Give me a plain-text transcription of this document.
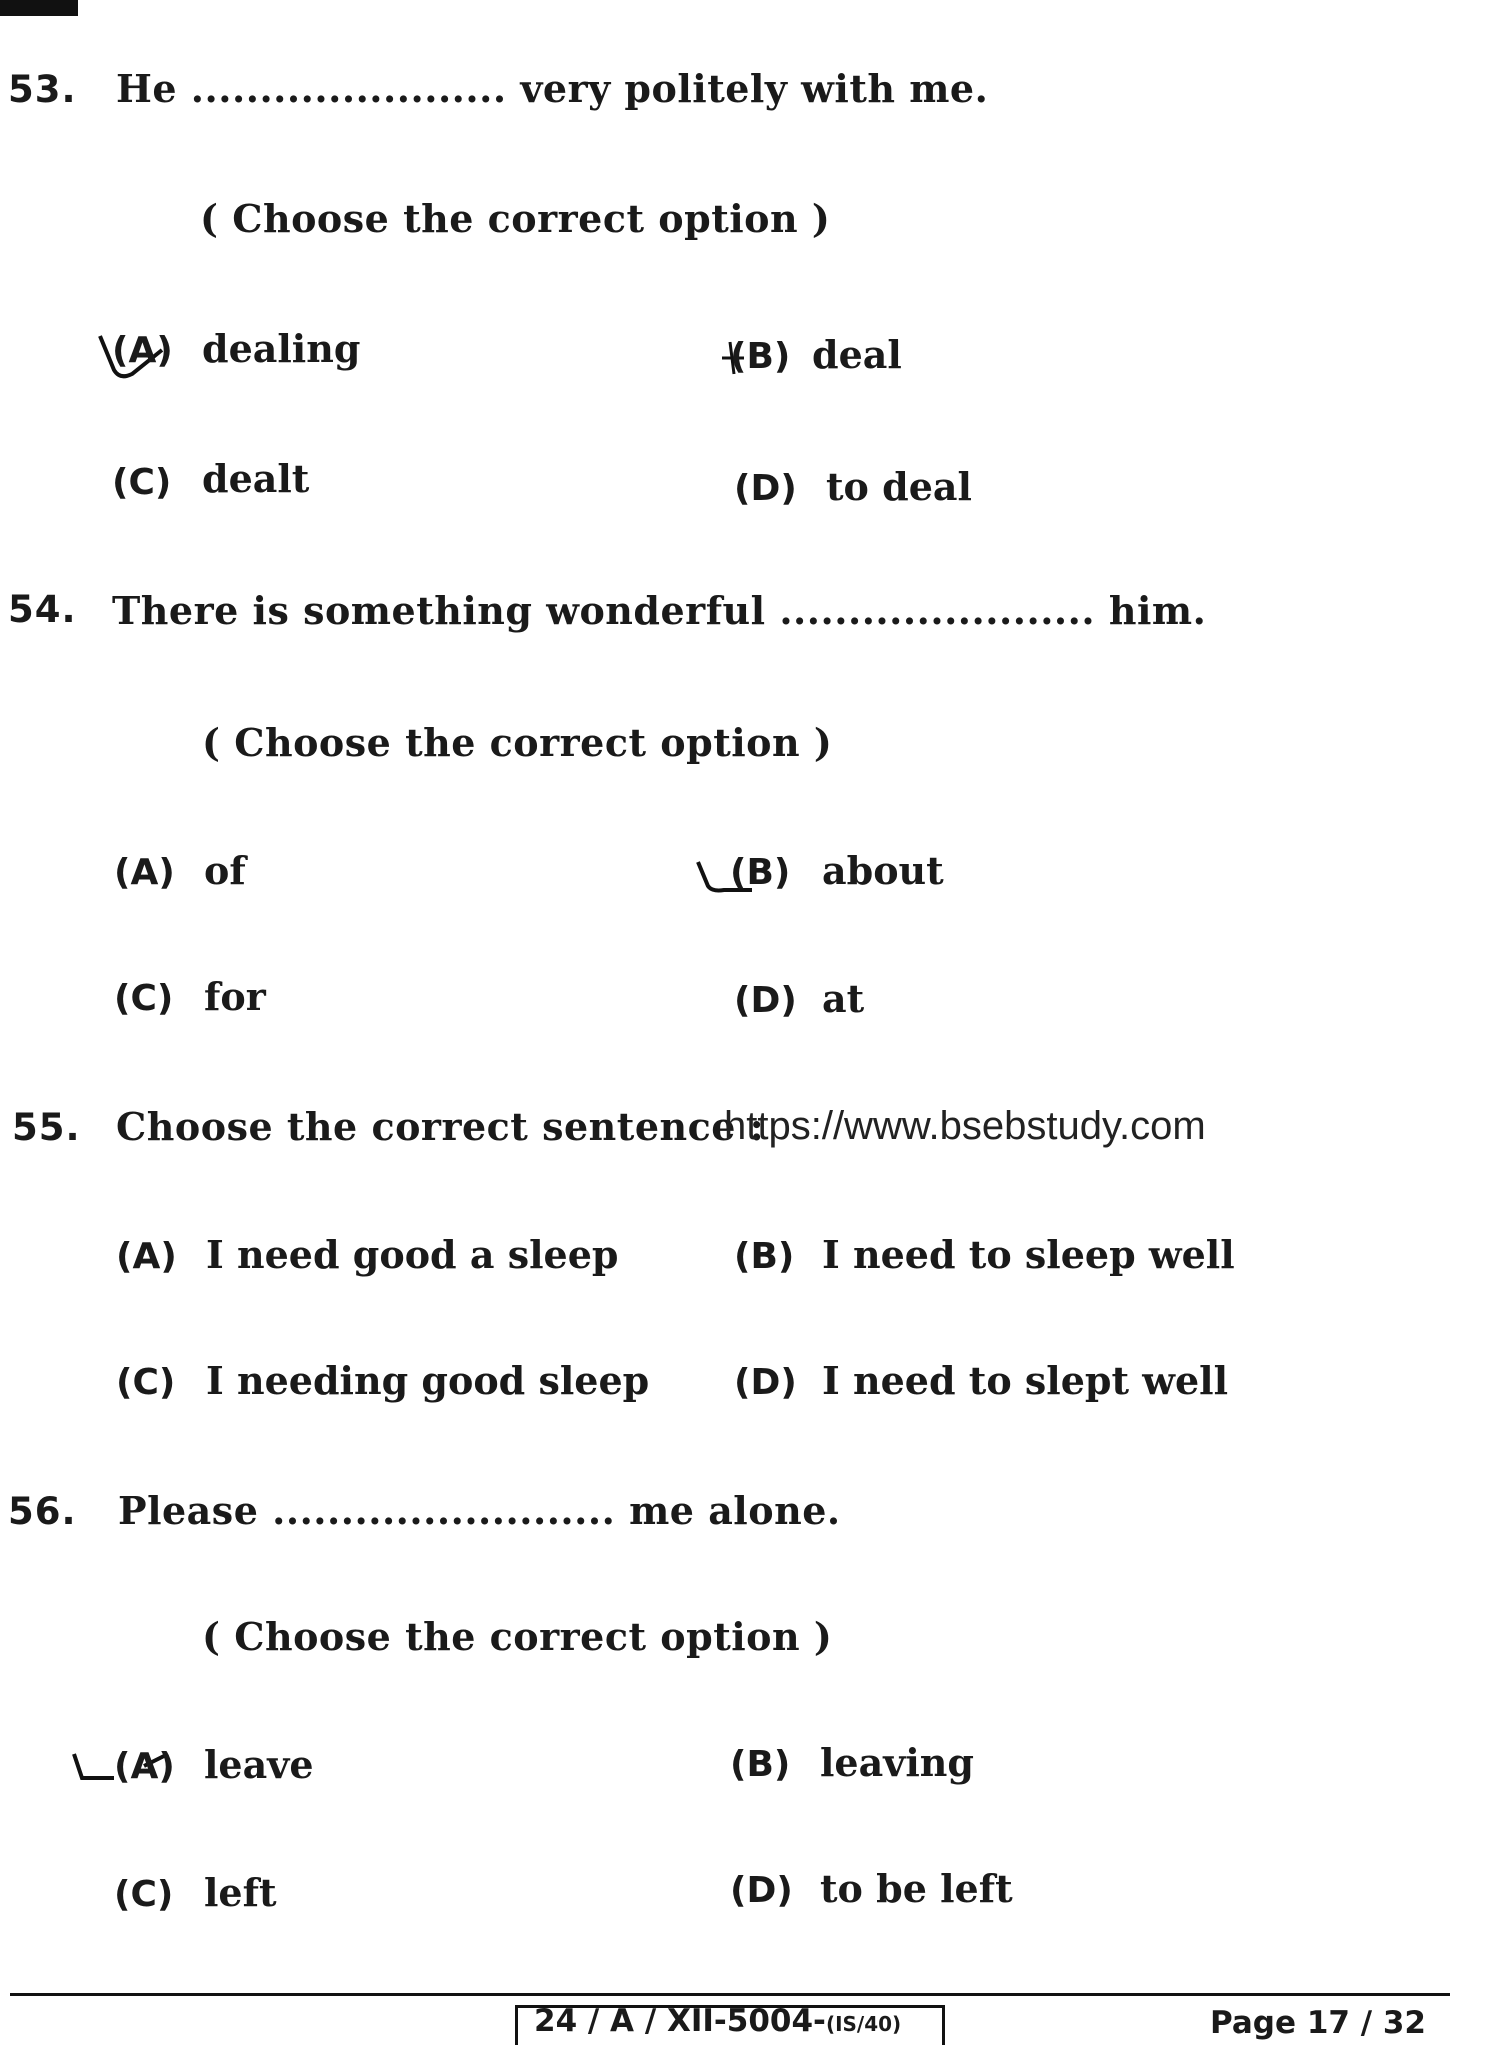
53. He ....................... very politely with me.
( Choose the correct option )
(A) dealing	(B) deal
(C) dealt	(D) to deal
54. There is something wonderful ....................... him.
( Choose the correct option )
(A) of	(B) about
(C) for	(D) at
55. Choose the correct sentence :
https://www.bsebstudy.com
(A) I need good a sleep	(B) I need to sleep well
(C) I needing good sleep (D) I need to slept well
56. Please ......................... me alone.
( Choose the correct option )
(A) leave	(B) leaving
(C) left	(D) to be left
24 / A / XII-5004-(IS/40)	Page 17 / 32
